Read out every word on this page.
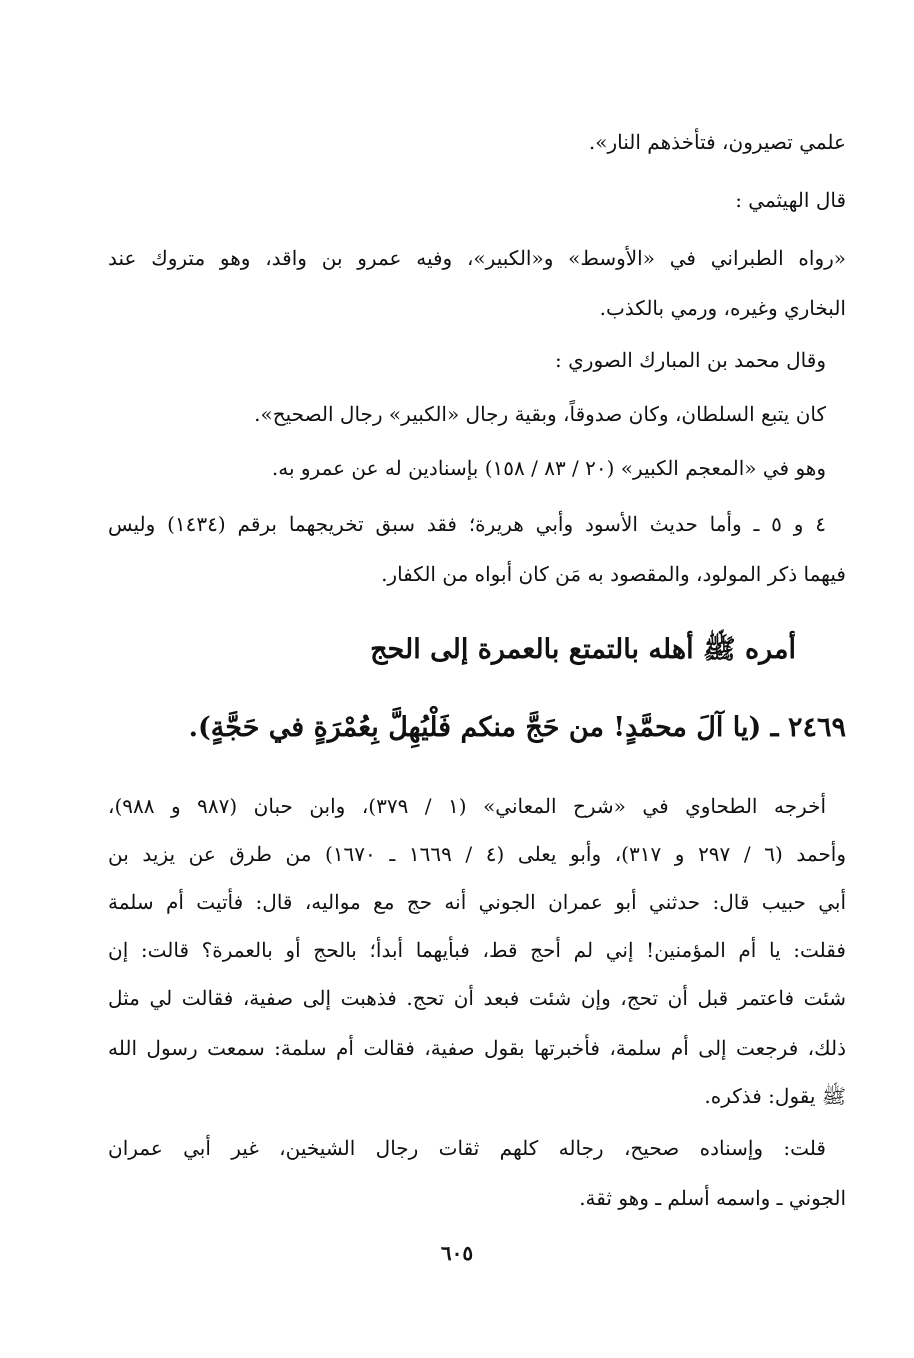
علمي تصيرون، فتأخذهم النار».
قال الهيثمي :
«رواه الطبراني في «الأوسط» و«الكبير»، وفيه عمرو بن واقد، وهو متروك عند
البخاري وغيره، ورمي بالكذب.
وقال محمد بن المبارك الصوري :
كان يتبع السلطان، وكان صدوقاً، وبقية رجال «الكبير» رجال الصحيح».
وهو في «المعجم الكبير» (٢٠ / ٨٣ / ١٥٨) بإسنادين له عن عمرو به.
٤ و ٥ ـ وأما حديث الأسود وأبي هريرة؛ فقد سبق تخريجهما برقم (١٤٣٤) وليس
فيهما ذكر المولود، والمقصود به مَن كان أبواه من الكفار.
أمره ﷺ أهله بالتمتع بالعمرة إلى الحج
٢٤٦٩ ـ (يا آلَ محمَّدٍ! من حَجَّ منكم فَلْيُهِلَّ بِعُمْرَةٍ في حَجَّةٍ).
أخرجه الطحاوي في «شرح المعاني» (١ / ٣٧٩)، وابن حبان (٩٨٧ و ٩٨٨)،
وأحمد (٦ / ٢٩٧ و ٣١٧)، وأبو يعلى (٤ / ١٦٦٩ ـ ١٦٧٠) من طرق عن يزيد بن
أبي حبيب قال: حدثني أبو عمران الجوني أنه حج مع مواليه، قال: فأتيت أم سلمة
فقلت: يا أم المؤمنين! إني لم أحج قط، فبأيهما أبدأ؛ بالحج أو بالعمرة؟ قالت: إن
شئت فاعتمر قبل أن تحج، وإن شئت فبعد أن تحج. فذهبت إلى صفية، فقالت لي مثل
ذلك، فرجعت إلى أم سلمة، فأخبرتها بقول صفية، فقالت أم سلمة: سمعت رسول الله
ﷺ يقول: فذكره.
قلت: وإسناده صحيح، رجاله كلهم ثقات رجال الشيخين، غير أبي عمران
الجوني ـ واسمه أسلم ـ وهو ثقة.
٦٠٥
